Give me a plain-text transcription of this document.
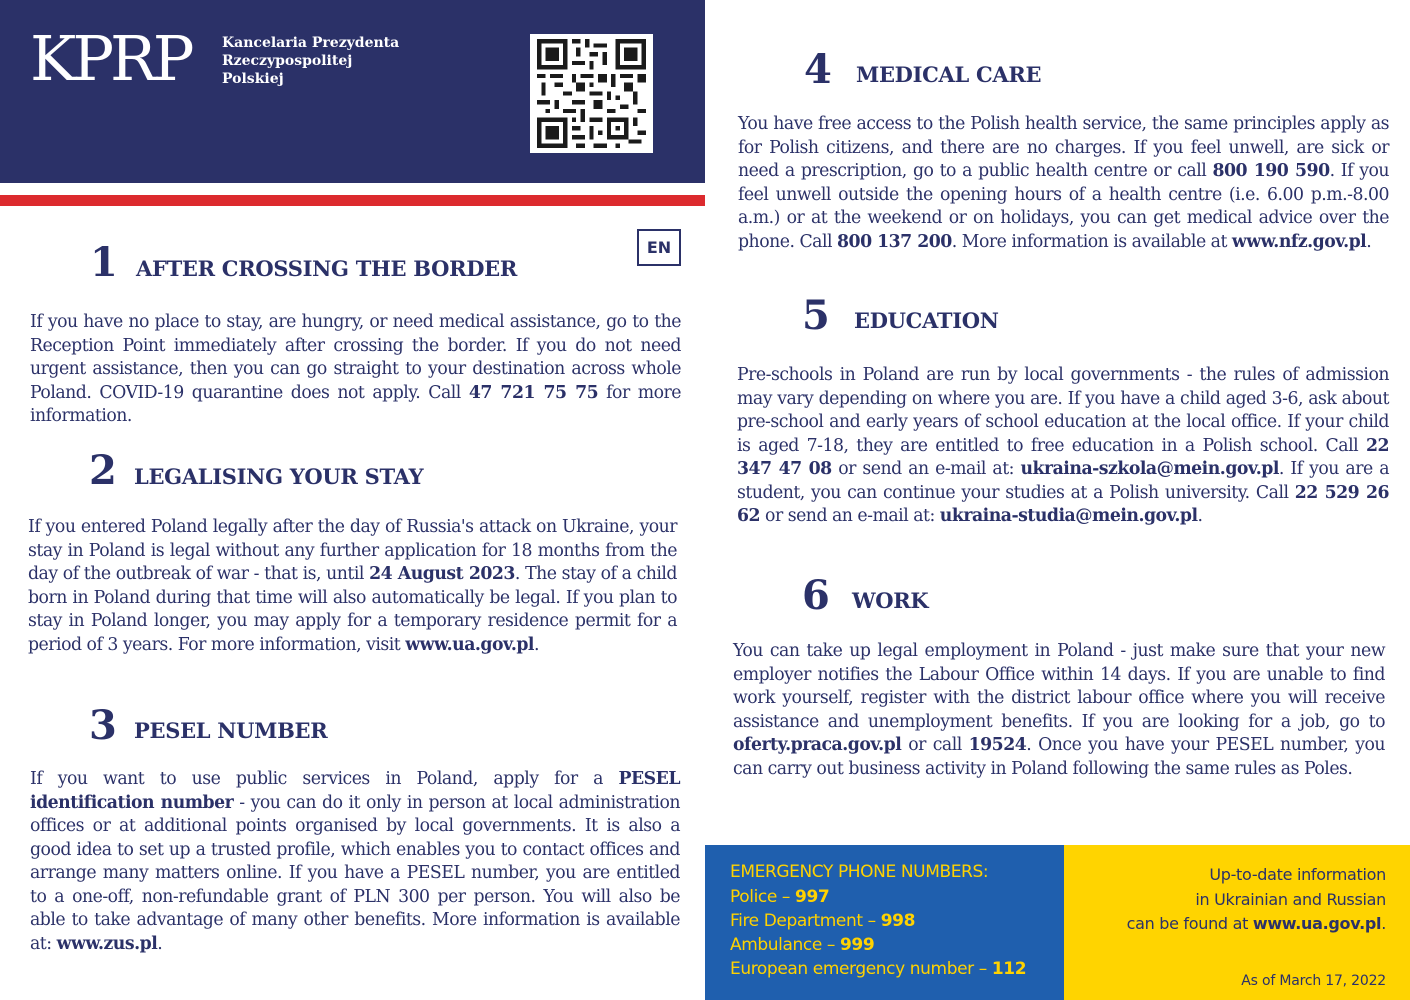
KPRP Kancelaria Prezydenta
Rzeczypospolitej
Polskiej
EN
1 AFTER CROSSING THE BORDER
If you have no place to stay, are hungry, or need medical assistance, go to the Reception Point immediately after crossing the border. If you do not need urgent assistance, then you can go straight to your destination across whole Poland. COVID-19 quarantine does not apply. Call 47 721 75 75 for more information.
2 LEGALISING YOUR STAY
If you entered Poland legally after the day of Russia's attack on Ukraine, your stay in Poland is legal without any further application for 18 months from the day of the outbreak of war - that is, until 24 August 2023. The stay of a child born in Poland during that time will also automatically be legal. If you plan to stay in Poland longer, you may apply for a temporary residence permit for a period of 3 years. For more information, visit www.ua.gov.pl.
3 PESEL NUMBER
If you want to use public services in Poland, apply for a PESEL identification number - you can do it only in person at local administration offices or at additional points organised by local governments. It is also a good idea to set up a trusted profile, which enables you to contact offices and arrange many matters online. If you have a PESEL number, you are entitled to a one-off, non-refundable grant of PLN 300 per person. You will also be able to take advantage of many other benefits. More information is available at: www.zus.pl.
4 MEDICAL CARE
You have free access to the Polish health service, the same principles apply as for Polish citizens, and there are no charges. If you feel unwell, are sick or need a prescription, go to a public health centre or call 800 190 590. If you feel unwell outside the opening hours of a health centre (i.e. 6.00 p.m.-8.00 a.m.) or at the weekend or on holidays, you can get medical advice over the phone. Call 800 137 200. More information is available at www.nfz.gov.pl.
5 EDUCATION
Pre-schools in Poland are run by local governments - the rules of admission may vary depending on where you are. If you have a child aged 3-6, ask about pre-school and early years of school education at the local office. If your child is aged 7-18, they are entitled to free education in a Polish school. Call 22 347 47 08 or send an e-mail at: ukraina-szkola@mein.gov.pl. If you are a student, you can continue your studies at a Polish university. Call 22 529 26 62 or send an e-mail at: ukraina-studia@mein.gov.pl.
6 WORK
You can take up legal employment in Poland - just make sure that your new employer notifies the Labour Office within 14 days. If you are unable to find work yourself, register with the district labour office where you will receive assistance and unemployment benefits. If you are looking for a job, go to oferty.praca.gov.pl or call 19524. Once you have your PESEL number, you can carry out business activity in Poland following the same rules as Poles.
EMERGENCY PHONE NUMBERS:
Police – 997
Fire Department – 998
Ambulance – 999
European emergency number – 112
Up-to-date information
in Ukrainian and Russian
can be found at www.ua.gov.pl.
As of March 17, 2022
